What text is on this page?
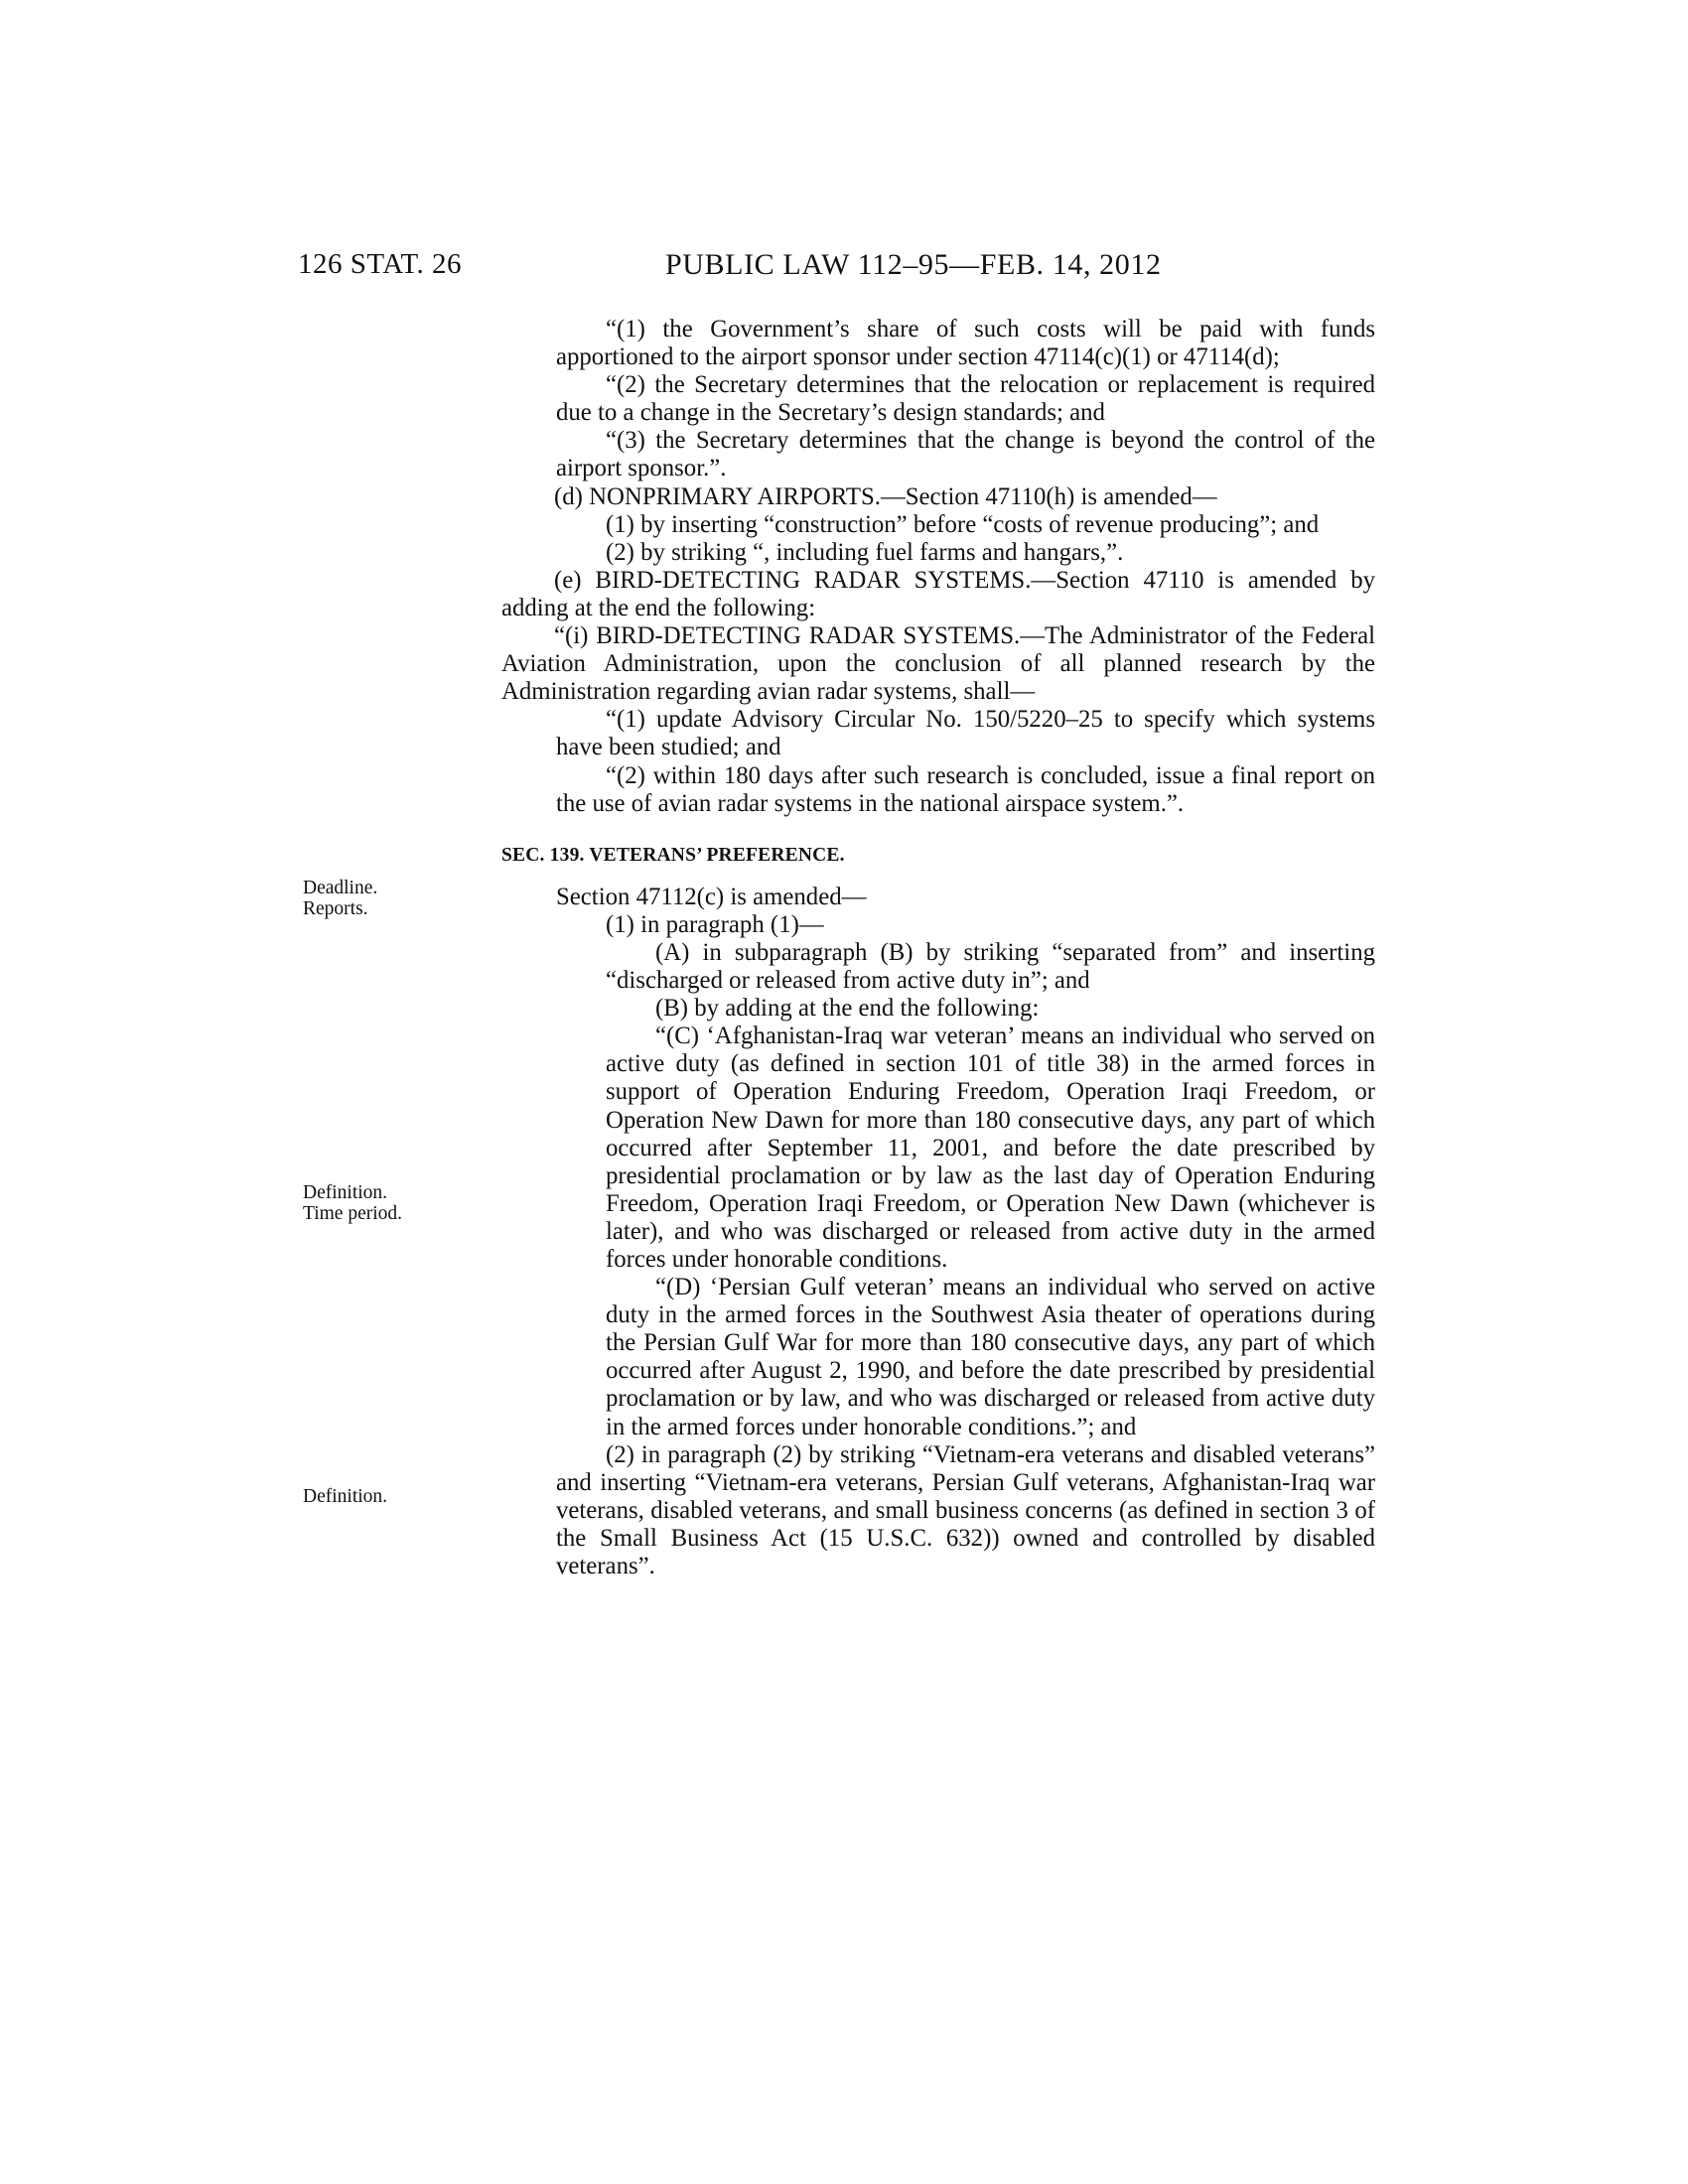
126 STAT. 26	PUBLIC LAW 112–95—FEB. 14, 2012

“(1) the Government’s share of such costs will be paid with funds apportioned to the airport sponsor under section 47114(c)(1) or 47114(d);

“(2) the Secretary determines that the relocation or replacement is required due to a change in the Secretary’s design standards; and

“(3) the Secretary determines that the change is beyond the control of the airport sponsor.”.

(d) NONPRIMARY AIRPORTS.—Section 47110(h) is amended—

(1) by inserting “construction” before “costs of revenue producing”; and

(2) by striking “, including fuel farms and hangars,”.

(e) BIRD-DETECTING RADAR SYSTEMS.—Section 47110 is amended by adding at the end the following:

“(i) BIRD-DETECTING RADAR SYSTEMS.—The Administrator of the Federal Aviation Administration, upon the conclusion of all planned research by the Administration regarding avian radar systems, shall—

“(1) update Advisory Circular No. 150/5220–25 to specify which systems have been studied; and

“(2) within 180 days after such research is concluded, issue a final report on the use of avian radar systems in the national airspace system.”.

SEC. 139. VETERANS’ PREFERENCE.

Section 47112(c) is amended—

(1) in paragraph (1)—

(A) in subparagraph (B) by striking “separated from” and inserting “discharged or released from active duty in”; and

(B) by adding at the end the following:

“(C) ‘Afghanistan-Iraq war veteran’ means an individual who served on active duty (as defined in section 101 of title 38) in the armed forces in support of Operation Enduring Freedom, Operation Iraqi Freedom, or Operation New Dawn for more than 180 consecutive days, any part of which occurred after September 11, 2001, and before the date prescribed by presidential proclamation or by law as the last day of Operation Enduring Freedom, Operation Iraqi Freedom, or Operation New Dawn (whichever is later), and who was discharged or released from active duty in the armed forces under honorable conditions.

“(D) ‘Persian Gulf veteran’ means an individual who served on active duty in the armed forces in the Southwest Asia theater of operations during the Persian Gulf War for more than 180 consecutive days, any part of which occurred after August 2, 1990, and before the date prescribed by presidential proclamation or by law, and who was discharged or released from active duty in the armed forces under honorable conditions.”; and

(2) in paragraph (2) by striking “Vietnam-era veterans and disabled veterans” and inserting “Vietnam-era veterans, Persian Gulf veterans, Afghanistan-Iraq war veterans, disabled veterans, and small business concerns (as defined in section 3 of the Small Business Act (15 U.S.C. 632)) owned and controlled by disabled veterans”.

Deadline.
Reports.
Definition.
Time period.
Definition.
